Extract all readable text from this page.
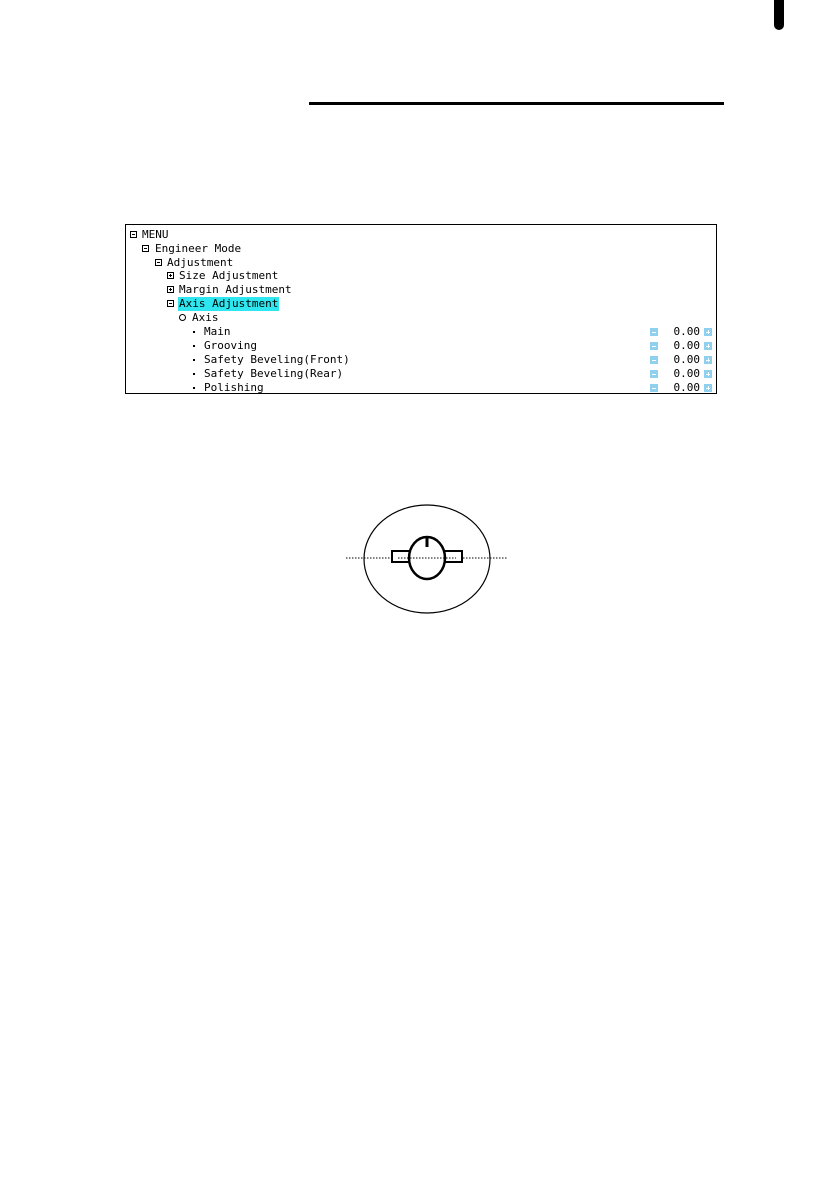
MENU
Engineer Mode
Adjustment
Size Adjustment
Margin Adjustment
Axis Adjustment
Axis
Main	0.00
Grooving	0.00
Safety Beveling(Front)	0.00
Safety Beveling(Rear)	0.00
Polishing	0.00
